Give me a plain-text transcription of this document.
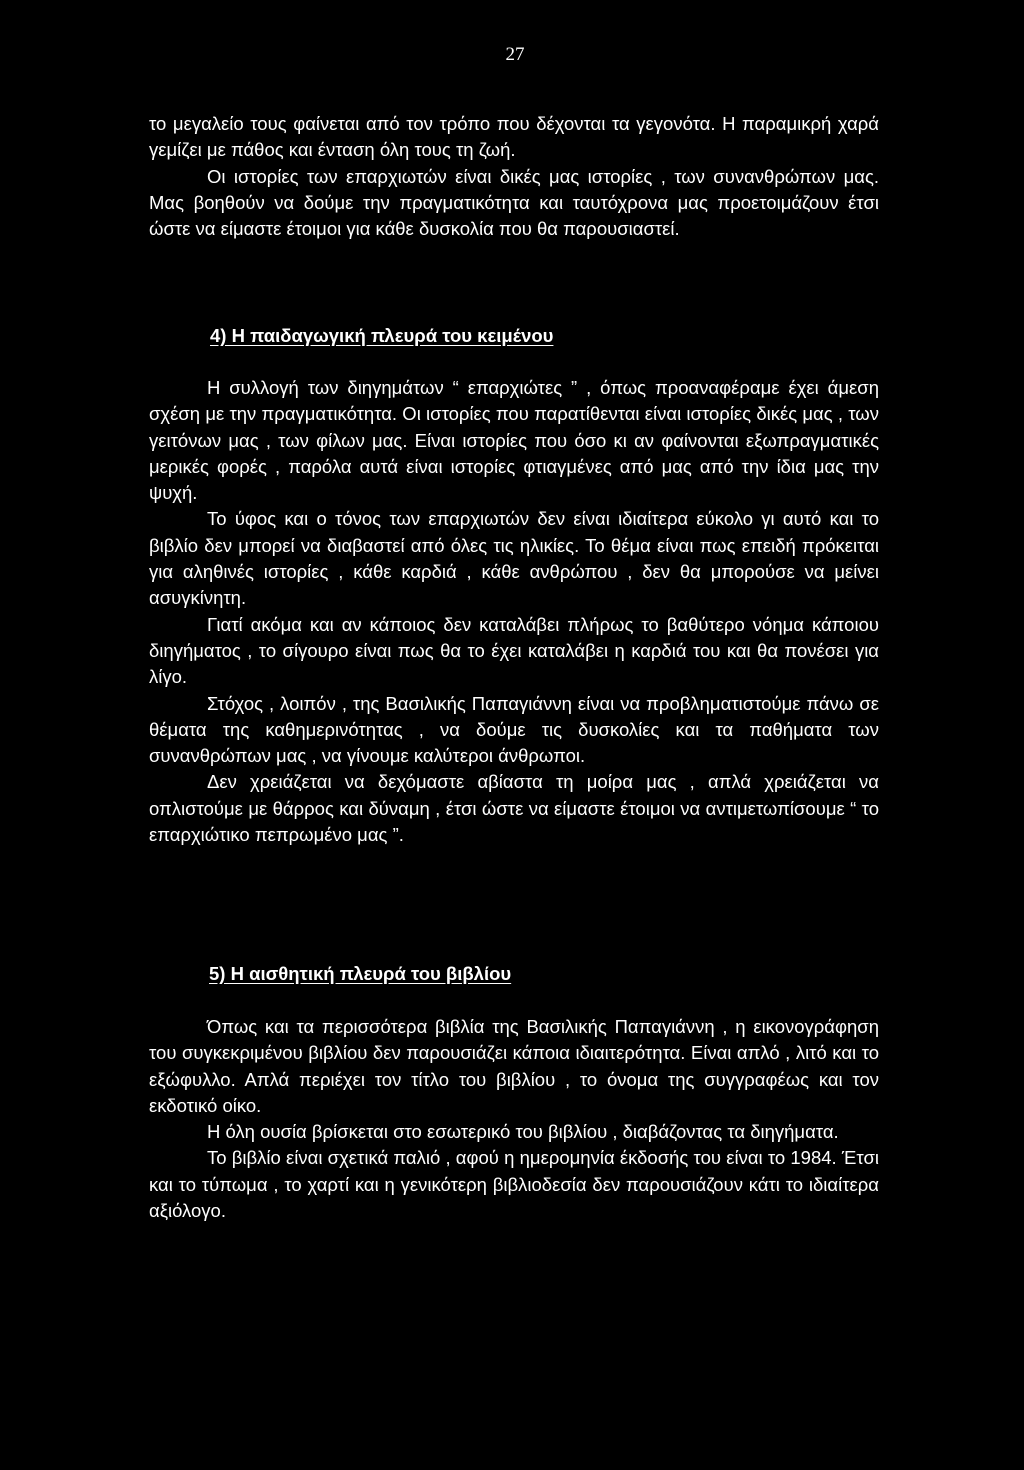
27

το μεγαλείο τους φαίνεται από τον τρόπο που δέχονται τα γεγονότα. Η παραμικρή χαρά γεμίζει με πάθος και ένταση όλη τους τη ζωή.

Οι ιστορίες των επαρχιωτών είναι δικές μας ιστορίες , των συνανθρώπων μας. Μας βοηθούν να δούμε την πραγματικότητα και ταυτόχρονα μας προετοιμάζουν έτσι ώστε να είμαστε έτοιμοι για κάθε δυσκολία που θα παρουσιαστεί.

4) Η παιδαγωγική πλευρά του κειμένου

Η συλλογή των διηγημάτων “ επαρχιώτες ” , όπως προαναφέραμε έχει άμεση σχέση με την πραγματικότητα. Οι ιστορίες που παρατίθενται είναι ιστορίες δικές μας , των γειτόνων μας , των φίλων μας. Είναι ιστορίες που όσο κι αν φαίνονται εξωπραγματικές μερικές φορές , παρόλα αυτά είναι ιστορίες φτιαγμένες από μας από την ίδια μας την ψυχή.

Το ύφος και ο τόνος των επαρχιωτών δεν είναι ιδιαίτερα εύκολο γι αυτό και το βιβλίο δεν μπορεί να διαβαστεί από όλες τις ηλικίες. Το θέμα είναι πως επειδή πρόκειται για αληθινές ιστορίες , κάθε καρδιά , κάθε ανθρώπου , δεν θα μπορούσε να μείνει ασυγκίνητη.

Γιατί ακόμα και αν κάποιος δεν καταλάβει πλήρως το βαθύτερο νόημα κάποιου διηγήματος , το σίγουρο είναι πως θα το έχει καταλάβει η καρδιά του και θα πονέσει για λίγο.

Στόχος , λοιπόν , της Βασιλικής Παπαγιάννη είναι να προβληματιστούμε πάνω σε θέματα της καθημερινότητας , να δούμε τις δυσκολίες και τα παθήματα των συνανθρώπων μας , να γίνουμε καλύτεροι άνθρωποι.

Δεν χρειάζεται να δεχόμαστε αβίαστα τη μοίρα μας , απλά χρειάζεται να οπλιστούμε με θάρρος και δύναμη , έτσι ώστε να είμαστε έτοιμοι να αντιμετωπίσουμε “ το επαρχιώτικο πεπρωμένο μας ”.

5) Η αισθητική πλευρά του βιβλίου

Όπως και τα περισσότερα βιβλία της Βασιλικής Παπαγιάννη , η εικονογράφηση του συγκεκριμένου βιβλίου δεν παρουσιάζει κάποια ιδιαιτερότητα. Είναι απλό , λιτό και το εξώφυλλο. Απλά περιέχει τον τίτλο του βιβλίου , το όνομα της συγγραφέως και τον εκδοτικό οίκο.

Η όλη ουσία βρίσκεται στο εσωτερικό του βιβλίου , διαβάζοντας τα διηγήματα.

Το βιβλίο είναι σχετικά παλιό , αφού η ημερομηνία έκδοσής του είναι το 1984. Έτσι και το τύπωμα , το χαρτί και η γενικότερη βιβλιοδεσία δεν παρουσιάζουν κάτι το ιδιαίτερα αξιόλογο.
